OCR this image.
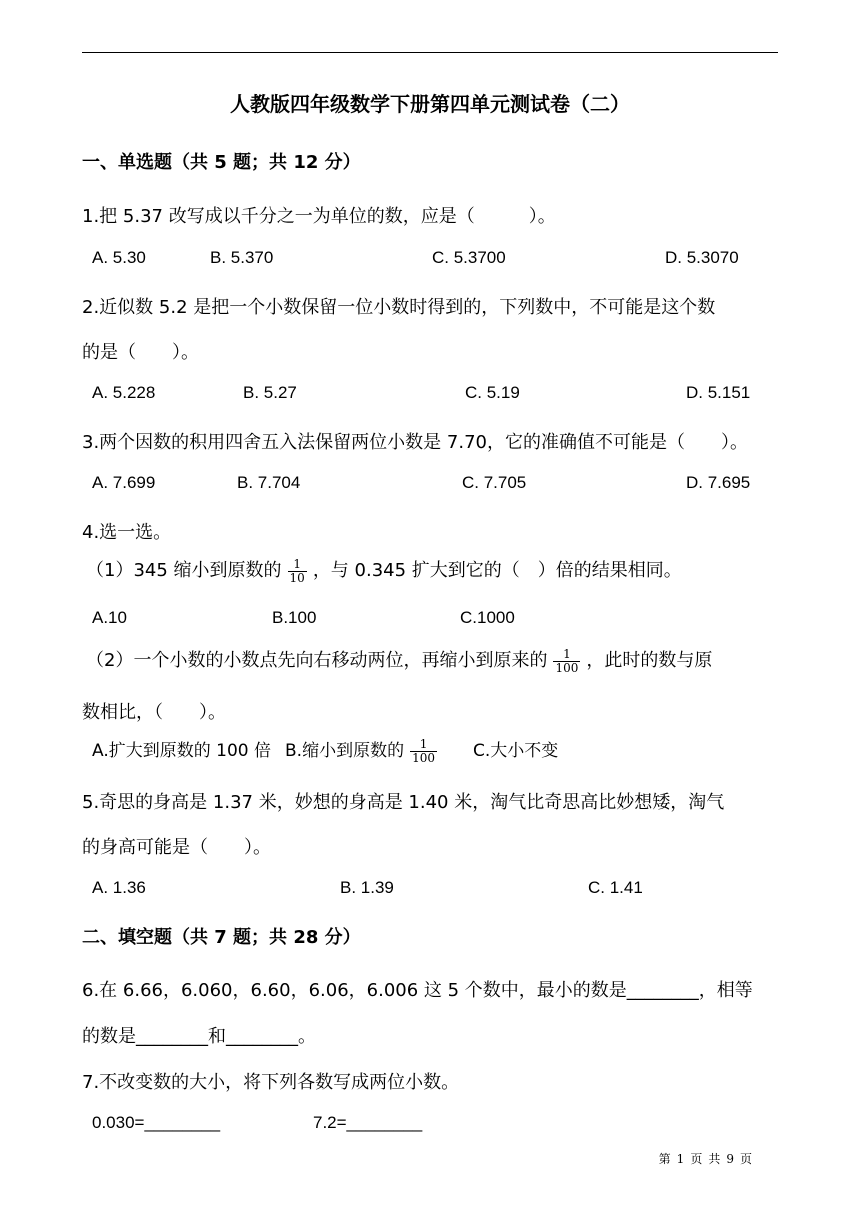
人教版四年级数学下册第四单元测试卷（二）
一、单选题（共 5 题；共 12 分）
1.把 5.37 改写成以千分之一为单位的数，应是（　　　）。
A. 5.30	B. 5.370	C. 5.3700	D. 5.3070
2.近似数 5.2 是把一个小数保留一位小数时得到的，下列数中，不可能是这个数
的是（　　）。
A. 5.228	B. 5.27	C. 5.19	D. 5.151
3.两个因数的积用四舍五入法保留两位小数是 7.70，它的准确值不可能是（　　）。
A. 7.699	B. 7.704	C. 7.705	D. 7.695
4.选一选。
（1）345 缩小到原数的 $\frac{1}{10}$ ，与 0.345 扩大到它的（　）倍的结果相同。
A.10	B.100	C.1000
（2）一个小数的小数点先向右移动两位，再缩小到原来的 $\frac{1}{100}$ ，此时的数与原
数相比，（　　）。
A.扩大到原数的 100 倍 B.缩小到原数的 $\frac{1}{100} C$.大小不变
5.奇思的身高是 1.37 米，妙想的身高是 1.40 米，淘气比奇思高比妙想矮，淘气
的身高可能是（　　）。
A. 1.36	B. 1.39	C. 1.41
二、填空题（共 7 题；共 28 分）
6.在 6.66，6.060，6.60，6.06，6.006 这 5 个数中，最小的数是________，相等
的数是________和________。
7.不改变数的大小，将下列各数写成两位小数。
0.030=________	7.2=________
第 1 页 共 9 页
